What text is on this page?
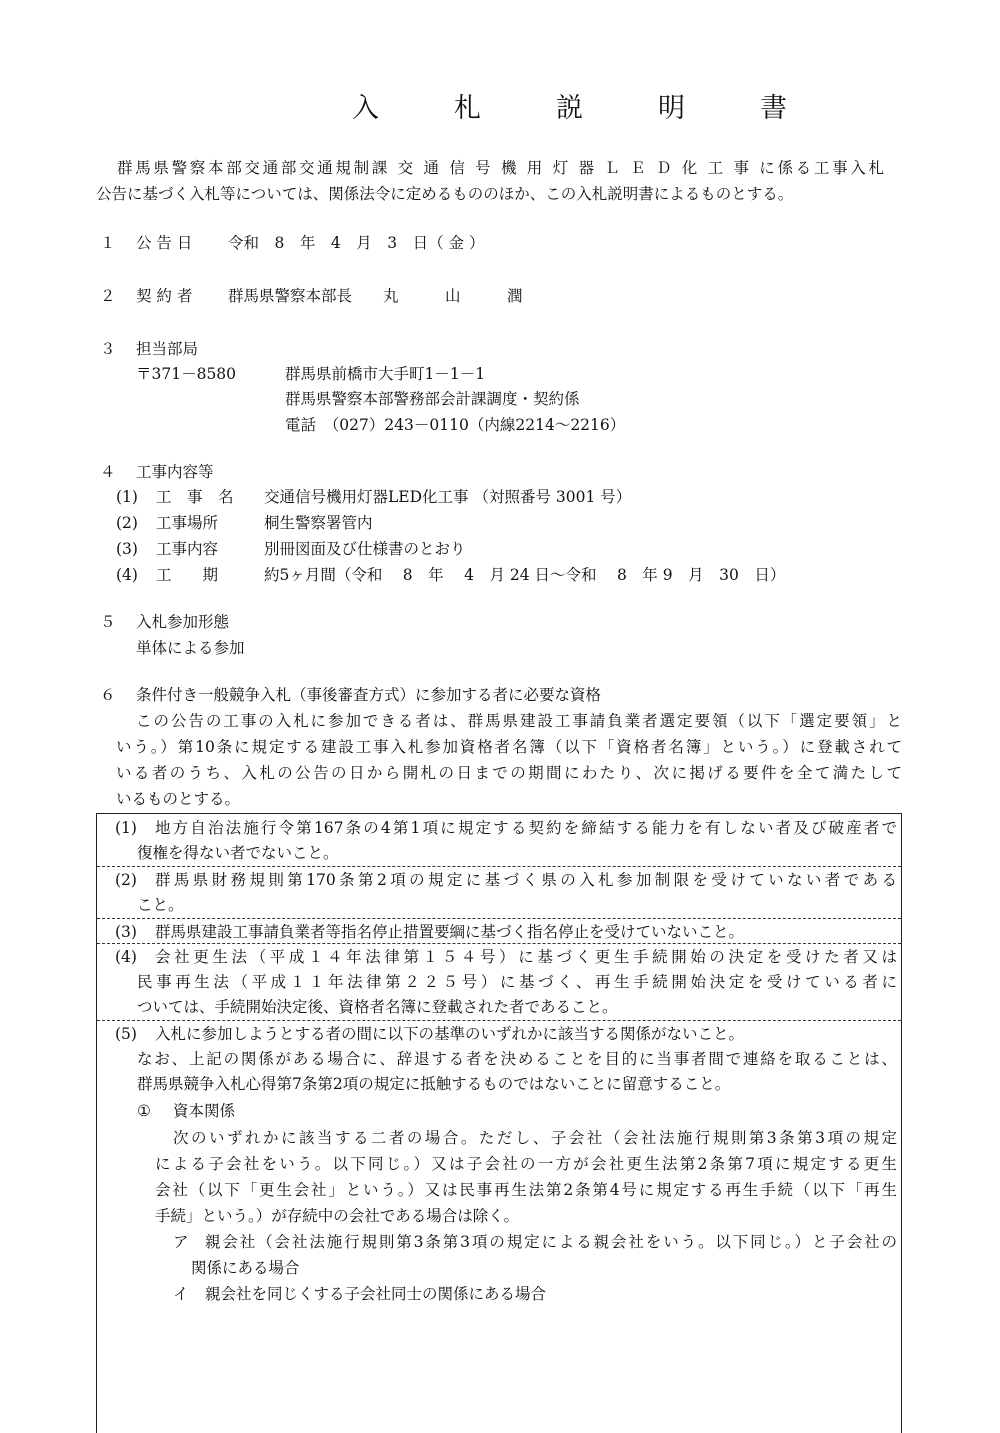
入　札　説　明　書
群馬県警察本部交通部交通規制課 交 通 信 号 機 用 灯 器 Ｌ Ｅ Ｄ 化 工 事 に係る工事入札
公告に基づく入札等については、関係法令に定めるもののほか、この入札説明書によるものとする。
１ 公 告 日 令和　8　年　4　月　3　日（ 金 ）
２ 契 約 者 群馬県警察本部長　　丸　　　山　　　潤
３ 担当部局
〒371－8580	群馬県前橋市大手町1－1－1
群馬県警察本部警務部会計課調度・契約係
電話　（027）243－0110（内線2214～2216）
４ 工事内容等
(1) 工　事　名 交通信号機用灯器LED化工事 （対照番号 3001 号）
(2) 工事場所	桐生警察署管内
(3) 工事内容	別冊図面及び仕様書のとおり
(4) 工　　期	約5ヶ月間（令和　 8　年　 4　月 24 日～令和　 8　年 9　月　30　日）
５ 入札参加形態
単体による参加
６ 条件付き一般競争入札（事後審査方式）に参加する者に必要な資格
この公告の工事の入札に参加できる者は、群馬県建設工事請負業者選定要領（以下「選定要領」と
いう。）第10条に規定する建設工事入札参加資格者名簿（以下「資格者名簿」という。）に登載されて
いる者のうち、入札の公告の日から開札の日までの期間にわたり、次に掲げる要件を全て満たして
いるものとする。
(1) 地方自治法施行令第167条の4第1項に規定する契約を締結する能力を有しない者及び破産者で
復権を得ない者でないこと。
(2) 群馬県財務規則第170条第2項の規定に基づく県の入札参加制限を受けていない者である
こと。
(3) 群馬県建設工事請負業者等指名停止措置要綱に基づく指名停止を受けていないこと。
(4) 会社更生法（平成１４年法律第１５４号）に基づく更生手続開始の決定を受けた者又は
民事再生法（平成１１年法律第２２５号）に基づく、再生手続開始決定を受けている者に
ついては、手続開始決定後、資格者名簿に登載された者であること。
(5) 入札に参加しようとする者の間に以下の基準のいずれかに該当する関係がないこと。
なお、上記の関係がある場合に、辞退する者を決めることを目的に当事者間で連絡を取ることは、
群馬県競争入札心得第7条第2項の規定に抵触するものではないことに留意すること。
① 資本関係
次のいずれかに該当する二者の場合。ただし、子会社（会社法施行規則第3条第3項の規定
による子会社をいう。以下同じ。）又は子会社の一方が会社更生法第2条第7項に規定する更生
会社（以下「更生会社」という。）又は民事再生法第2条第4号に規定する再生手続（以下「再生
手続」という。）が存続中の会社である場合は除く。
ア 親会社（会社法施行規則第3条第3項の規定による親会社をいう。以下同じ。）と子会社の
関係にある場合
イ 親会社を同じくする子会社同士の関係にある場合
